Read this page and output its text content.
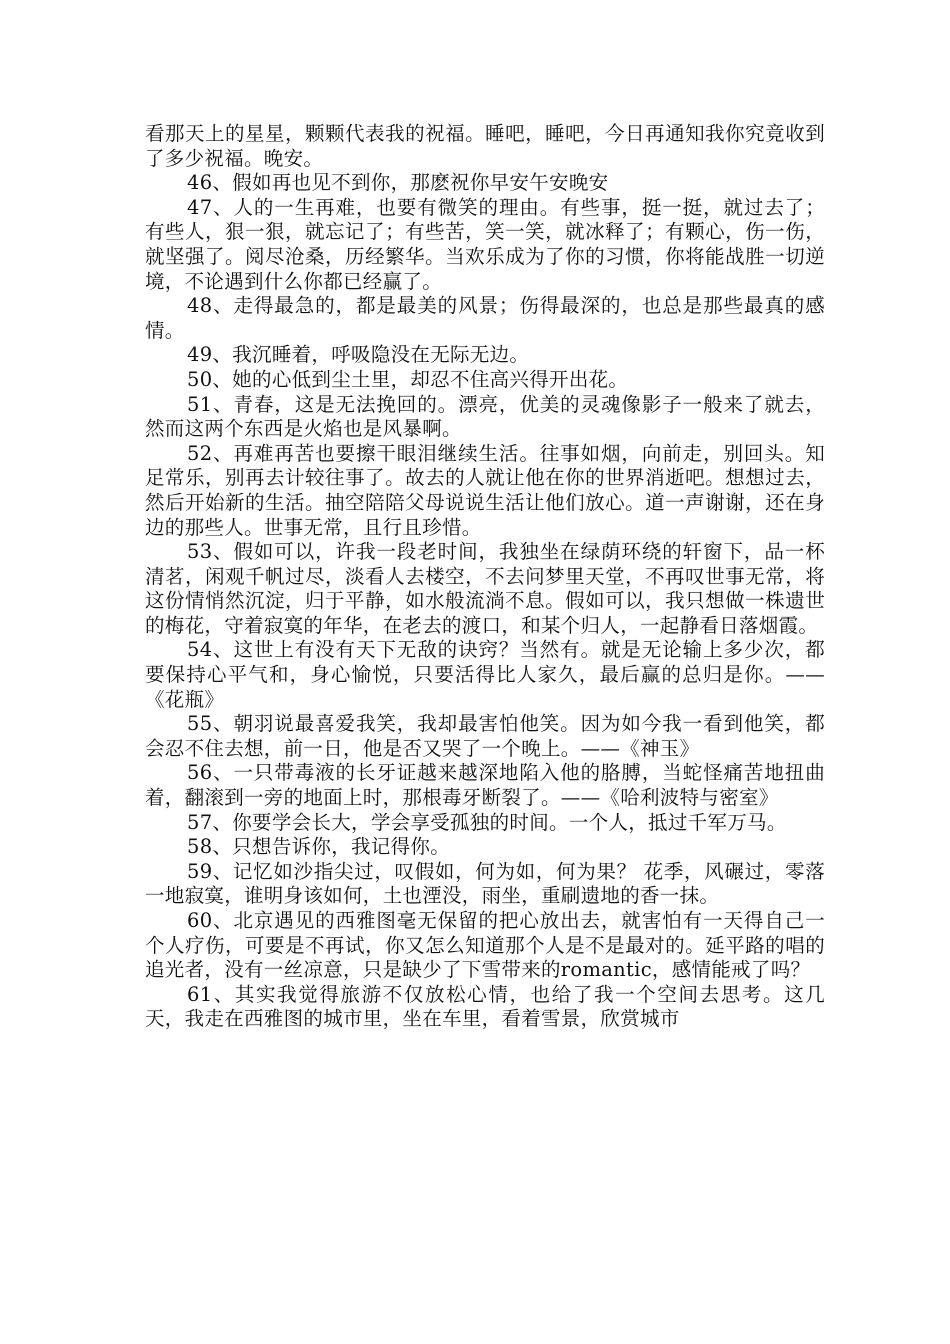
看那天上的星星，颗颗代表我的祝福。睡吧，睡吧，今日再通知我你究竟收到了多少祝福。晚安。

46、假如再也见不到你，那麽祝你早安午安晚安

47、人的一生再难，也要有微笑的理由。有些事，挺一挺，就过去了；有些人，狠一狠，就忘记了；有些苦，笑一笑，就冰释了；有颗心，伤一伤，就坚强了。阅尽沧桑，历经繁华。当欢乐成为了你的习惯，你将能战胜一切逆境，不论遇到什么你都已经赢了。

48、走得最急的，都是最美的风景；伤得最深的，也总是那些最真的感情。

49、我沉睡着，呼吸隐没在无际无边。

50、她的心低到尘土里，却忍不住高兴得开出花。

51、青春，这是无法挽回的。漂亮，优美的灵魂像影子一般来了就去，然而这两个东西是火焰也是风暴啊。

52、再难再苦也要擦干眼泪继续生活。往事如烟，向前走，别回头。知足常乐，别再去计较往事了。故去的人就让他在你的世界消逝吧。想想过去，然后开始新的生活。抽空陪陪父母说说生活让他们放心。道一声谢谢，还在身边的那些人。世事无常，且行且珍惜。

53、假如可以，许我一段老时间，我独坐在绿荫环绕的轩窗下，品一杯清茗，闲观千帆过尽，淡看人去楼空，不去问梦里天堂，不再叹世事无常，将这份情悄然沉淀，归于平静，如水般流淌不息。假如可以，我只想做一株遗世的梅花，守着寂寞的年华，在老去的渡口，和某个归人，一起静看日落烟霞。

54、这世上有没有天下无敌的诀窍？当然有。就是无论输上多少次，都要保持心平气和，身心愉悦，只要活得比人家久，最后赢的总归是你。——《花瓶》

55、朝羽说最喜爱我笑，我却最害怕他笑。因为如今我一看到他笑，都会忍不住去想，前一日，他是否又哭了一个晚上。——《神玉》

56、一只带毒液的长牙证越来越深地陷入他的胳膊，当蛇怪痛苦地扭曲着，翻滚到一旁的地面上时，那根毒牙断裂了。——《哈利波特与密室》

57、你要学会长大，学会享受孤独的时间。一个人，抵过千军万马。

58、只想告诉你，我记得你。

59、记忆如沙指尖过，叹假如，何为如，何为果？ 花季，风碾过，零落一地寂寞，谁明身该如何，土也湮没，雨坐，重刷遗地的香一抹。

60、北京遇见的西雅图毫无保留的把心放出去，就害怕有一天得自己一个人疗伤，可要是不再试，你又怎么知道那个人是不是最对的。延平路的唱的追光者，没有一丝凉意，只是缺少了下雪带来的romantic，感情能戒了吗？

61、其实我觉得旅游不仅放松心情，也给了我一个空间去思考。这几天，我走在西雅图的城市里，坐在车里，看着雪景，欣赏城市
